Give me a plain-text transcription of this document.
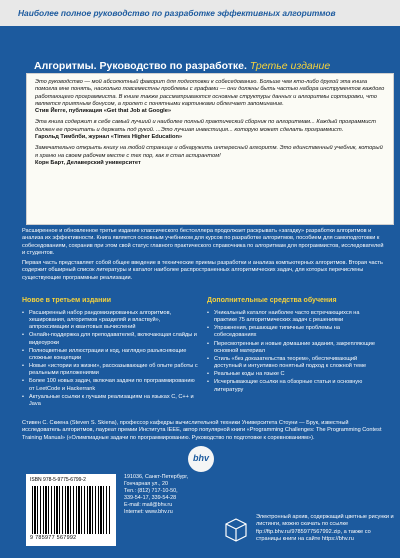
Наиболее полное руководство по разработке эффективных алгоритмов
Алгоритмы. Руководство по разработке. Третье издание

Это руководство — мой абсолютный фаворит для подготовки к собеседованию. Больше чем кто-либо другой эта книга помогла мне понять, насколько повсеместны проблемы с графами — они должны быть частью набора инструментов каждого работающего программиста. В книге также рассматриваются основные структуры данных и алгоритмы сортировки, что является приятным бонусом, а пролет с понятными картинками облегчает запоминание.

Стив Йегге, публикация «Get that Job at Google»

Эта книга содержит в себе самый лучший и наиболее полный практический сборник по алгоритмам... Каждый программист должен ее прочитать и держать под рукой. ...Это лучшая инвестиция... которую может сделать программист.

Гарольд Тимблби, журнал «Times Higher Education»

Замечательно открыть книгу на любой странице и обнаружить интересный алгоритм. Это единственный учебник, который я храню на своем рабочем месте с тех пор, как я стал аспирантом!

Корн Барт, Делаверский университет

Расширенное и обновленное третье издание классического бестселлера продолжает раскрывать «загадку» разработки алгоритмов и анализа их эффективности. Книга является основным учебником для курсов по разработке алгоритмов, пособием для самоподготовки к собеседованиям, сохранив при этом свой статус главного практического справочника по алгоритмам для программистов, исследователей и студентов.

Первая часть представляет собой общее введение в технические приемы разработки и анализа компьютерных алгоритмов. Вторая часть содержит обширный список литературы и каталог наиболее распространенных алгоритмических задач, для которых перечислены существующие программные реализации.

Новое в третьем издании
• Расширенный набор рандомизированных алгоритмов, хеширования, алгоритмов «разделяй и властвуй», аппроксимации и квантовых вычислений
• Онлайн-поддержка для преподавателей, включающая слайды и видеоуроки
• Полноцветные иллюстрации и код, наглядно разъясняющие сложные концепции
• Новые «истории из жизни», рассказывающие об опыте работы с реальными приложениями
• Более 100 новых задач, включая задачи по программированию от LeetCode и Hackerrank
• Актуальные ссылки к лучшим реализациям на языках C, C++ и Java
Дополнительные средства обучения
• Уникальный каталог наиболее часто встречающихся на практике 75 алгоритмических задач с решениями
• Упражнения, решающие типичные проблемы на собеседованиях
• Пересмотренные и новые домашние задания, закрепляющие основной материал
• Стиль «без доказательства теорем», обеспечивающий доступный и интуитивно понятный подход к сложной теме
• Реальные коды на языке C
• Исчерпывающие ссылки на обзорные статьи и основную литературу
Стивен С. Скиена (Steven S. Skiena), профессор кафедры вычислительной техники Университета Стоуни — Брук, известный исследователь алгоритмов, лауреат премии Института IEEE, автор популярной книги «Programming Challenges: The Programming Contest Training Manual» («Олимпиадные задачи по программированию. Руководство по подготовке к соревнованиям»).
bhv
ISBN 978-5-9775-6799-2
9 785977 567992
191036, Санкт-Петербург,
Гончарная ул., 20
Тел.: (812) 717-10-50,
339-54-17, 339-54-28
E-mail: mail@bhv.ru
Internet: www.bhv.ru
Электронный архив, содержащий цветные рисунки и листинги, можно скачать по ссылке ftp://ftp.bhv.ru/9785977567992.zip, а также со страницы книги на сайте https://bhv.ru
